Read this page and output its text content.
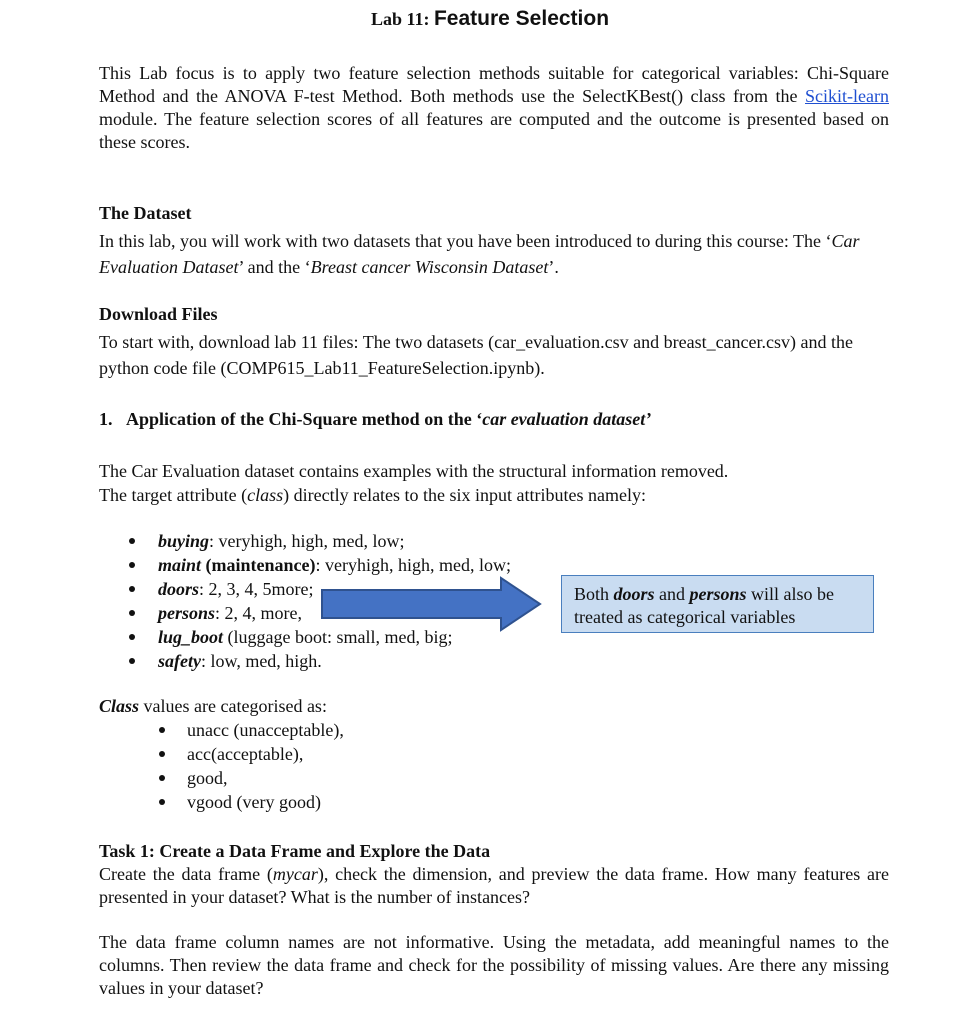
Lab 11: Feature Selection
This Lab focus is to apply two feature selection methods suitable for categorical variables: Chi-Square Method and the ANOVA F-test Method. Both methods use the SelectKBest() class from the Scikit-learn module. The feature selection scores of all features are computed and the outcome is presented based on these scores.
The Dataset
In this lab, you will work with two datasets that you have been introduced to during this course: The ‘Car Evaluation Dataset’ and the ‘Breast cancer Wisconsin Dataset’.
Download Files
To start with, download lab 11 files: The two datasets (car_evaluation.csv and breast_cancer.csv) and the python code file (COMP615_Lab11_FeatureSelection.ipynb).
1. Application of the Chi-Square method on the ‘car evaluation dataset’
The Car Evaluation dataset contains examples with the structural information removed.
The target attribute (class) directly relates to the six input attributes namely:
buying: veryhigh, high, med, low;
maint (maintenance): veryhigh, high, med, low;
doors: 2, 3, 4, 5more;
persons: 2, 4, more,
lug_boot (luggage boot: small, med, big;
safety: low, med, high.
Both doors and persons will also be treated as categorical variables
Class values are categorised as:
unacc (unacceptable),
acc(acceptable),
good,
vgood (very good)
Task 1: Create a Data Frame and Explore the Data
Create the data frame (mycar), check the dimension, and preview the data frame. How many features are presented in your dataset? What is the number of instances?
The data frame column names are not informative. Using the metadata, add meaningful names to the columns. Then review the data frame and check for the possibility of missing values. Are there any missing values in your dataset?
